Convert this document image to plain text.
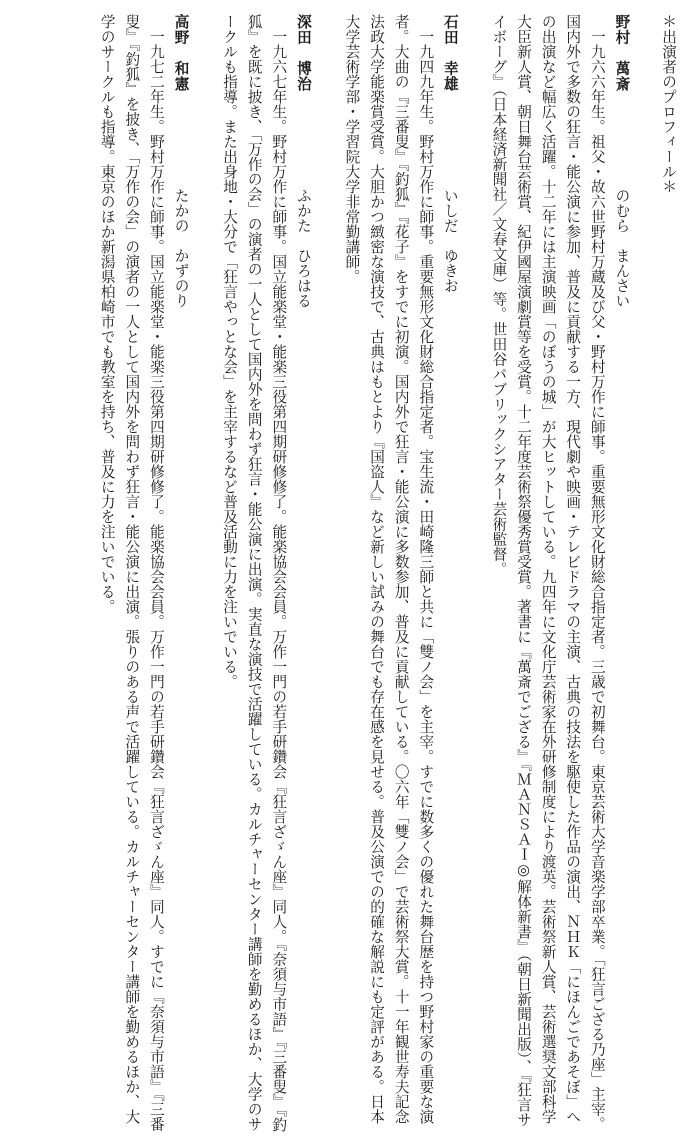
＊出演者のプロフィール＊
野村　萬斎のむら　まんさい
一九六六年生。祖父・故六世野村万蔵及び父・野村万作に師事。重要無形文化財総合指定者。三歳で初舞台。東京芸術大学音楽学部卒業。「狂言ござる乃座」主宰。国内外で多数の狂言・能公演に参加、普及に貢献する一方、現代劇や映画・テレビドラマの主演、古典の技法を駆使した作品の演出、ＮＨＫ「にほんごであそぼ」への出演など幅広く活躍。十二年には主演映画「のぼうの城」が大ヒットしている。九四年に文化庁芸術家在外研修制度により渡英。芸術祭新人賞、芸術選奨文部科学大臣新人賞、朝日舞台芸術賞、紀伊國屋演劇賞等を受賞。十二年度芸術祭優秀賞受賞。著書に『萬斎でござる』『ＭＡＮＳＡＩ◎解体新書』（朝日新聞出版）、『狂言サイボーグ』（日本経済新聞社／文春文庫）等。世田谷パブリックシアター芸術監督。
石田　幸雄いしだ　ゆきお
一九四九年生。野村万作に師事。重要無形文化財総合指定者。宝生流・田崎隆三師と共に「雙ノ会」を主宰。すでに数多くの優れた舞台歴を持つ野村家の重要な演者。大曲の『三番叟』『釣狐』『花子』をすでに初演。国内外で狂言・能公演に多数参加、普及に貢献している。〇六年「雙ノ会」で芸術祭大賞。十一年観世寿夫記念法政大学能楽賞受賞。大胆かつ緻密な演技で、古典はもとより『国盗人』など新しい試みの舞台でも存在感を見せる。普及公演での的確な解説にも定評がある。日本大学芸術学部・学習院大学非常勤講師。
深田　博治ふかた　ひろはる
一九六七年生。野村万作に師事。国立能楽堂・能楽三役第四期研修修了。能楽協会会員。万作一門の若手研鑽会『狂言ざゞん座』同人。『奈須与市語』『三番叟』『釣狐』を既に披き、「万作の会」の演者の一人として国内外を問わず狂言・能公演に出演。実直な演技で活躍している。カルチャーセンター講師を勤めるほか、大学のサークルも指導。また出身地・大分で「狂言やっとな会」を主宰するなど普及活動に力を注いでいる。
高野　和憲たかの　かずのり
一九七二年生。野村万作に師事。国立能楽堂・能楽三役第四期研修修了。能楽協会会員。万作一門の若手研鑽会『狂言ざゞん座』同人。すでに『奈須与市語』『三番叟』『釣狐』を披き、「万作の会」の演者の一人として国内外を問わず狂言・能公演に出演。張りのある声で活躍している。カルチャーセンター講師を勤めるほか、大学のサークルも指導。東京のほか新潟県柏崎市でも教室を持ち、普及に力を注いでいる。
